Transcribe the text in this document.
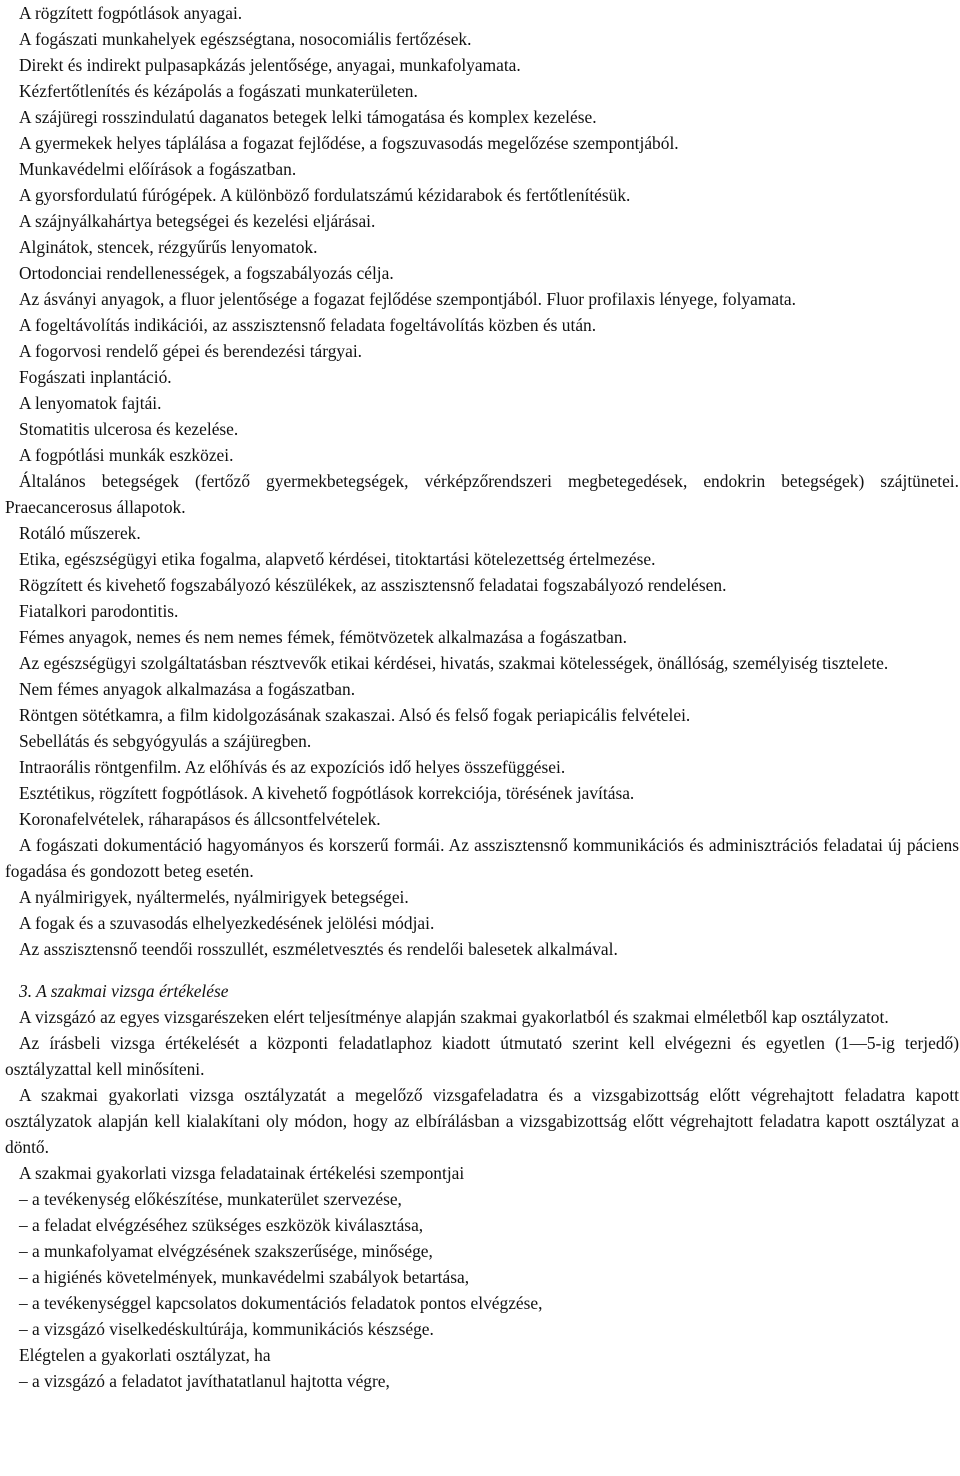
A rögzített fogpótlások anyagai.

A fogászati munkahelyek egészségtana, nosocomiális fertőzések.

Direkt és indirekt pulpasapkázás jelentősége, anyagai, munkafolyamata.

Kézfertőtlenítés és kézápolás a fogászati munkaterületen.

A szájüregi rosszindulatú daganatos betegek lelki támogatása és komplex kezelése.

A gyermekek helyes táplálása a fogazat fejlődése, a fogszuvasodás megelőzése szempontjából.

Munkavédelmi előírások a fogászatban.

A gyorsfordulatú fúrógépek. A különböző fordulatszámú kézidarabok és fertőtlenítésük.

A szájnyálkahártya betegségei és kezelési eljárásai.

Alginátok, stencek, rézgyűrűs lenyomatok.

Ortodonciai rendellenességek, a fogszabályozás célja.

Az ásványi anyagok, a fluor jelentősége a fogazat fejlődése szempontjából. Fluor profilaxis lényege, folyamata.

A fogeltávolítás indikációi, az asszisztensnő feladata fogeltávolítás közben és után.

A fogorvosi rendelő gépei és berendezési tárgyai.

Fogászati inplantáció.

A lenyomatok fajtái.

Stomatitis ulcerosa és kezelése.

A fogpótlási munkák eszközei.

Általános betegségek (fertőző gyermekbetegségek, vérképzőrendszeri megbetegedések, endokrin betegségek) szájtünetei. Praecancerosus állapotok.

Rotáló műszerek.

Etika, egészségügyi etika fogalma, alapvető kérdései, titoktartási kötelezettség értelmezése.

Rögzített és kivehető fogszabályozó készülékek, az asszisztensnő feladatai fogszabályozó rendelésen.

Fiatalkori parodontitis.

Fémes anyagok, nemes és nem nemes fémek, fémötvözetek alkalmazása a fogászatban.

Az egészségügyi szolgáltatásban résztvevők etikai kérdései, hivatás, szakmai kötelességek, önállóság, személyiség tisztelete.

Nem fémes anyagok alkalmazása a fogászatban.

Röntgen sötétkamra, a film kidolgozásának szakaszai. Alsó és felső fogak periapicális felvételei.

Sebellátás és sebgyógyulás a szájüregben.

Intraorális röntgenfilm. Az előhívás és az expozíciós idő helyes összefüggései.

Esztétikus, rögzített fogpótlások. A kivehető fogpótlások korrekciója, törésének javítása.

Koronafelvételek, ráharapásos és állcsontfelvételek.

A fogászati dokumentáció hagyományos és korszerű formái. Az asszisztensnő kommunikációs és adminisztrációs feladatai új páciens fogadása és gondozott beteg esetén.

A nyálmirigyek, nyáltermelés, nyálmirigyek betegségei.

A fogak és a szuvasodás elhelyezkedésének jelölési módjai.

Az asszisztensnő teendői rosszullét, eszméletvesztés és rendelői balesetek alkalmával.

3. A szakmai vizsga értékelése

A vizsgázó az egyes vizsgarészeken elért teljesítménye alapján szakmai gyakorlatból és szakmai elméletből kap osztályzatot.

Az írásbeli vizsga értékelését a központi feladatlaphoz kiadott útmutató szerint kell elvégezni és egyetlen (1—5-ig terjedő) osztályzattal kell minősíteni.

A szakmai gyakorlati vizsga osztályzatát a megelőző vizsgafeladatra és a vizsgabizottság előtt végrehajtott feladatra kapott osztályzatok alapján kell kialakítani oly módon, hogy az elbírálásban a vizsgabizottság előtt végrehajtott feladatra kapott osztályzat a döntő.

A szakmai gyakorlati vizsga feladatainak értékelési szempontjai

– a tevékenység előkészítése, munkaterület szervezése,

– a feladat elvégzéséhez szükséges eszközök kiválasztása,

– a munkafolyamat elvégzésének szakszerűsége, minősége,

– a higiénés követelmények, munkavédelmi szabályok betartása,

– a tevékenységgel kapcsolatos dokumentációs feladatok pontos elvégzése,

– a vizsgázó viselkedéskultúrája, kommunikációs készsége.

Elégtelen a gyakorlati osztályzat, ha

– a vizsgázó a feladatot javíthatatlanul hajtotta végre,
